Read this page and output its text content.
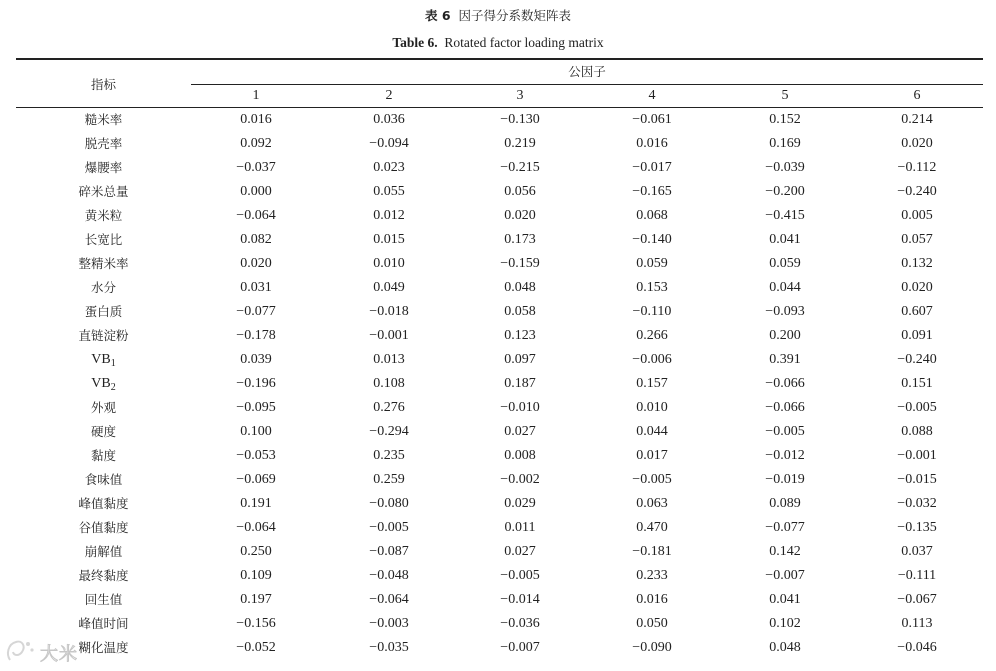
表 6 因子得分系数矩阵表
Table 6. Rotated factor loading matrix
指标
公因子
1	2	3	4	5	6
糙米率	0.016	0.036	−0.130	−0.061	0.152	0.214
脱壳率	0.092	−0.094	0.219	0.016	0.169	0.020
爆腰率	−0.037	0.023	−0.215	−0.017	−0.039	−0.112
碎米总量	0.000	0.055	0.056	−0.165	−0.200	−0.240
黄米粒	−0.064	0.012	0.020	0.068	−0.415	0.005
长宽比	0.082	0.015	0.173	−0.140	0.041	0.057
整精米率	0.020	0.010	−0.159	0.059	0.059	0.132
水分	0.031	0.049	0.048	0.153	0.044	0.020
蛋白质	−0.077	−0.018	0.058	−0.110	−0.093	0.607
直链淀粉	−0.178	−0.001	0.123	0.266	0.200	0.091
$VB_1$	0.039	0.013	0.097	−0.006	0.391	−0.240
$VB_2$	−0.196	0.108	0.187	0.157	−0.066	0.151
外观	−0.095	0.276	−0.010	0.010	−0.066	−0.005
硬度	0.100	−0.294	0.027	0.044	−0.005	0.088
黏度	−0.053	0.235	0.008	0.017	−0.012	−0.001
食味值	−0.069	0.259	−0.002	−0.005	−0.019	−0.015
峰值黏度	0.191	−0.080	0.029	0.063	0.089	−0.032
谷值黏度	−0.064	−0.005	0.011	0.470	−0.077	−0.135
崩解值	0.250	−0.087	0.027	−0.181	0.142	0.037
最终黏度	0.109	−0.048	−0.005	0.233	−0.007	−0.111
回生值	0.197	−0.064	−0.014	0.016	0.041	−0.067
峰值时间	−0.156	−0.003	−0.036	0.050	0.102	0.113
糊化温度	−0.052	−0.035	−0.007	−0.090	0.048	−0.046
大米
